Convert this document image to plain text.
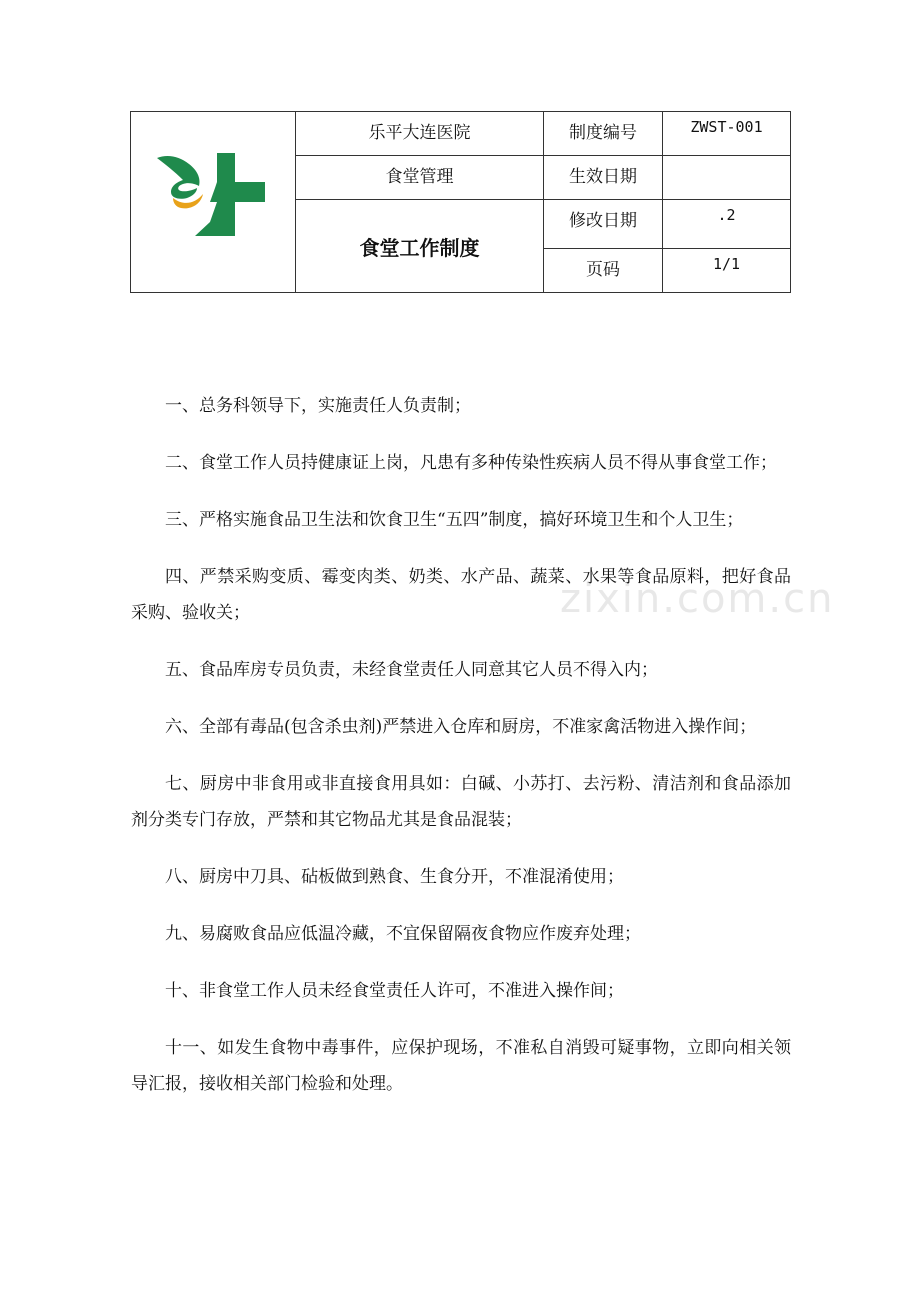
	乐平大连医院	制度编号	ZWST-001
	食堂管理	生效日期	
	食堂工作制度	修改日期	.2
		页码	1/1
zixin.com.cn

一、总务科领导下，实施责任人负责制；

二、食堂工作人员持健康证上岗，凡患有多种传染性疾病人员不得从事食堂工作；

三、严格实施食品卫生法和饮食卫生“五四”制度，搞好环境卫生和个人卫生；

四、严禁采购变质、霉变肉类、奶类、水产品、蔬菜、水果等食品原料，把好食品采购、验收关；

五、食品库房专员负责，未经食堂责任人同意其它人员不得入内；

六、全部有毒品(包含杀虫剂)严禁进入仓库和厨房，不准家禽活物进入操作间；

七、厨房中非食用或非直接食用具如：白碱、小苏打、去污粉、清洁剂和食品添加剂分类专门存放，严禁和其它物品尤其是食品混装；

八、厨房中刀具、砧板做到熟食、生食分开，不准混淆使用；

九、易腐败食品应低温冷藏，不宜保留隔夜食物应作废弃处理；

十、非食堂工作人员未经食堂责任人许可，不准进入操作间；

十一、如发生食物中毒事件，应保护现场，不准私自消毁可疑事物，立即向相关领导汇报，接收相关部门检验和处理。
